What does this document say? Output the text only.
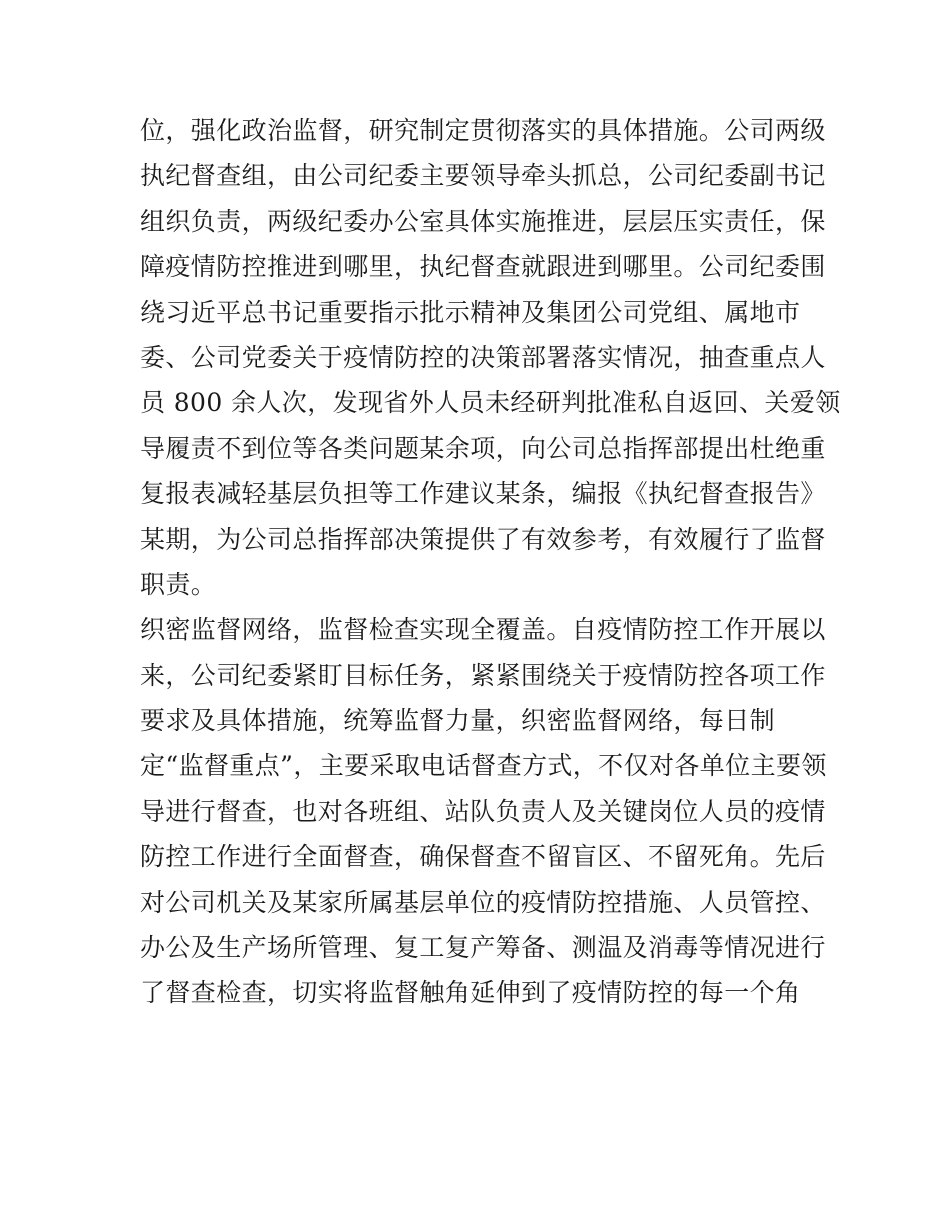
位，强化政治监督，研究制定贯彻落实的具体措施。公司两级
执纪督查组，由公司纪委主要领导牵头抓总，公司纪委副书记
组织负责，两级纪委办公室具体实施推进，层层压实责任，保
障疫情防控推进到哪里，执纪督查就跟进到哪里。公司纪委围
绕习近平总书记重要指示批示精神及集团公司党组、属地市
委、公司党委关于疫情防控的决策部署落实情况，抽查重点人
员 800 余人次，发现省外人员未经研判批准私自返回、关爱领
导履责不到位等各类问题某余项，向公司总指挥部提出杜绝重
复报表减轻基层负担等工作建议某条，编报《执纪督查报告》
某期，为公司总指挥部决策提供了有效参考，有效履行了监督
职责。
织密监督网络，监督检查实现全覆盖。自疫情防控工作开展以
来，公司纪委紧盯目标任务，紧紧围绕关于疫情防控各项工作
要求及具体措施，统筹监督力量，织密监督网络，每日制
定“监督重点”，主要采取电话督查方式，不仅对各单位主要领
导进行督查，也对各班组、站队负责人及关键岗位人员的疫情
防控工作进行全面督查，确保督查不留盲区、不留死角。先后
对公司机关及某家所属基层单位的疫情防控措施、人员管控、
办公及生产场所管理、复工复产筹备、测温及消毒等情况进行
了督查检查，切实将监督触角延伸到了疫情防控的每一个角
